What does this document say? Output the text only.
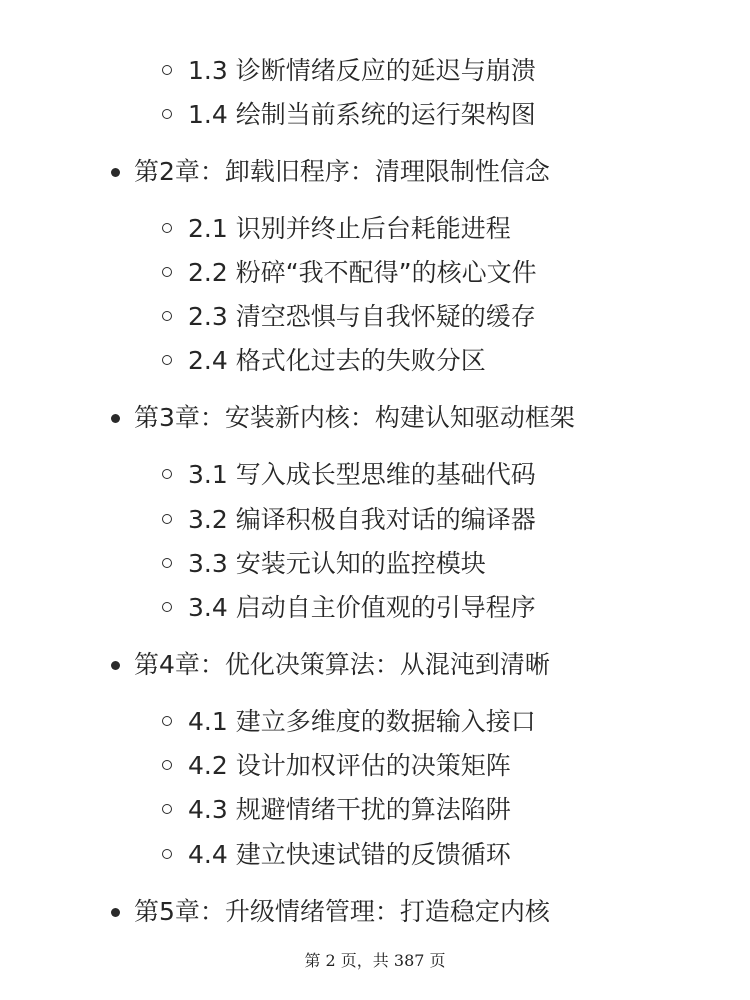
1.3 诊断情绪反应的延迟与崩溃
1.4 绘制当前系统的运行架构图
第2章：卸载旧程序：清理限制性信念
2.1 识别并终止后台耗能进程
2.2 粉碎“我不配得”的核心文件
2.3 清空恐惧与自我怀疑的缓存
2.4 格式化过去的失败分区
第3章：安装新内核：构建认知驱动框架
3.1 写入成长型思维的基础代码
3.2 编译积极自我对话的编译器
3.3 安装元认知的监控模块
3.4 启动自主价值观的引导程序
第4章：优化决策算法：从混沌到清晰
4.1 建立多维度的数据输入接口
4.2 设计加权评估的决策矩阵
4.3 规避情绪干扰的算法陷阱
4.4 建立快速试错的反馈循环
第5章：升级情绪管理：打造稳定内核
第 2 页，共 387 页
